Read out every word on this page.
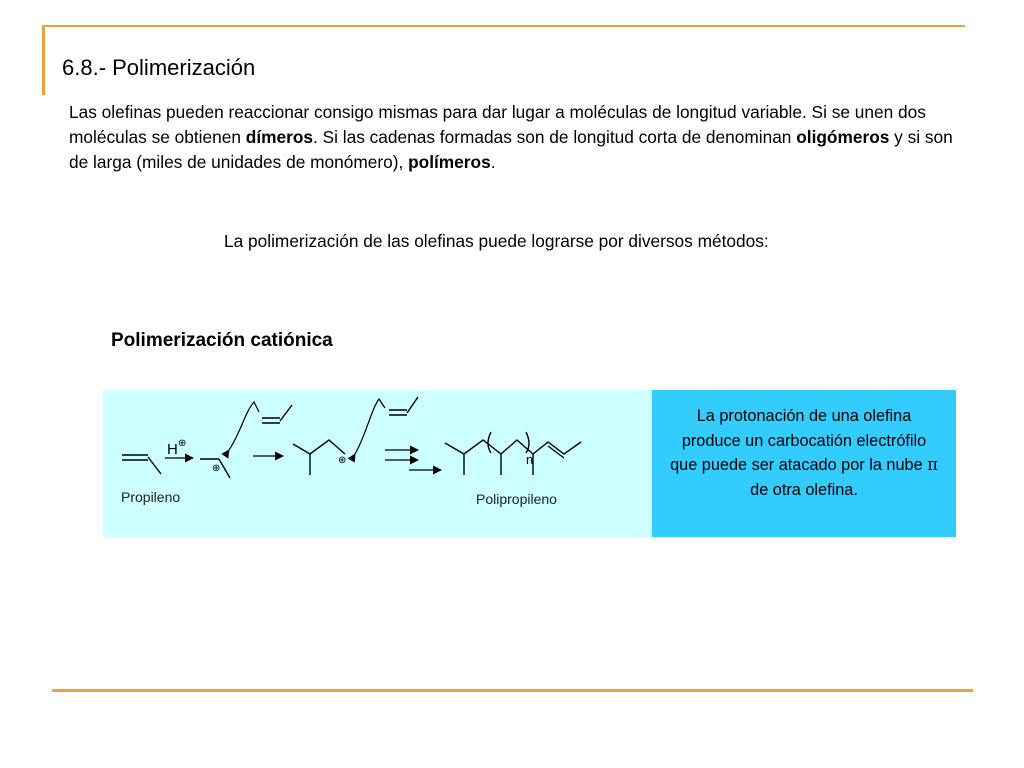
6.8.- Polimerización
Las olefinas pueden reaccionar consigo mismas para dar lugar a moléculas de longitud variable. Si se unen dos moléculas se obtienen dímeros. Si las cadenas formadas son de longitud corta de denominan oligómeros y si son de larga (miles de unidades de monómero), polímeros.
La polimerización de las olefinas puede lograrse por diversos métodos:
Polimerización catiónica
Propileno
H ⊕
⊕
⊕	n
Polipropileno
La protonación de una olefina produce un carbocatión electrófilo que puede ser atacado por la nube π de otra olefina.
